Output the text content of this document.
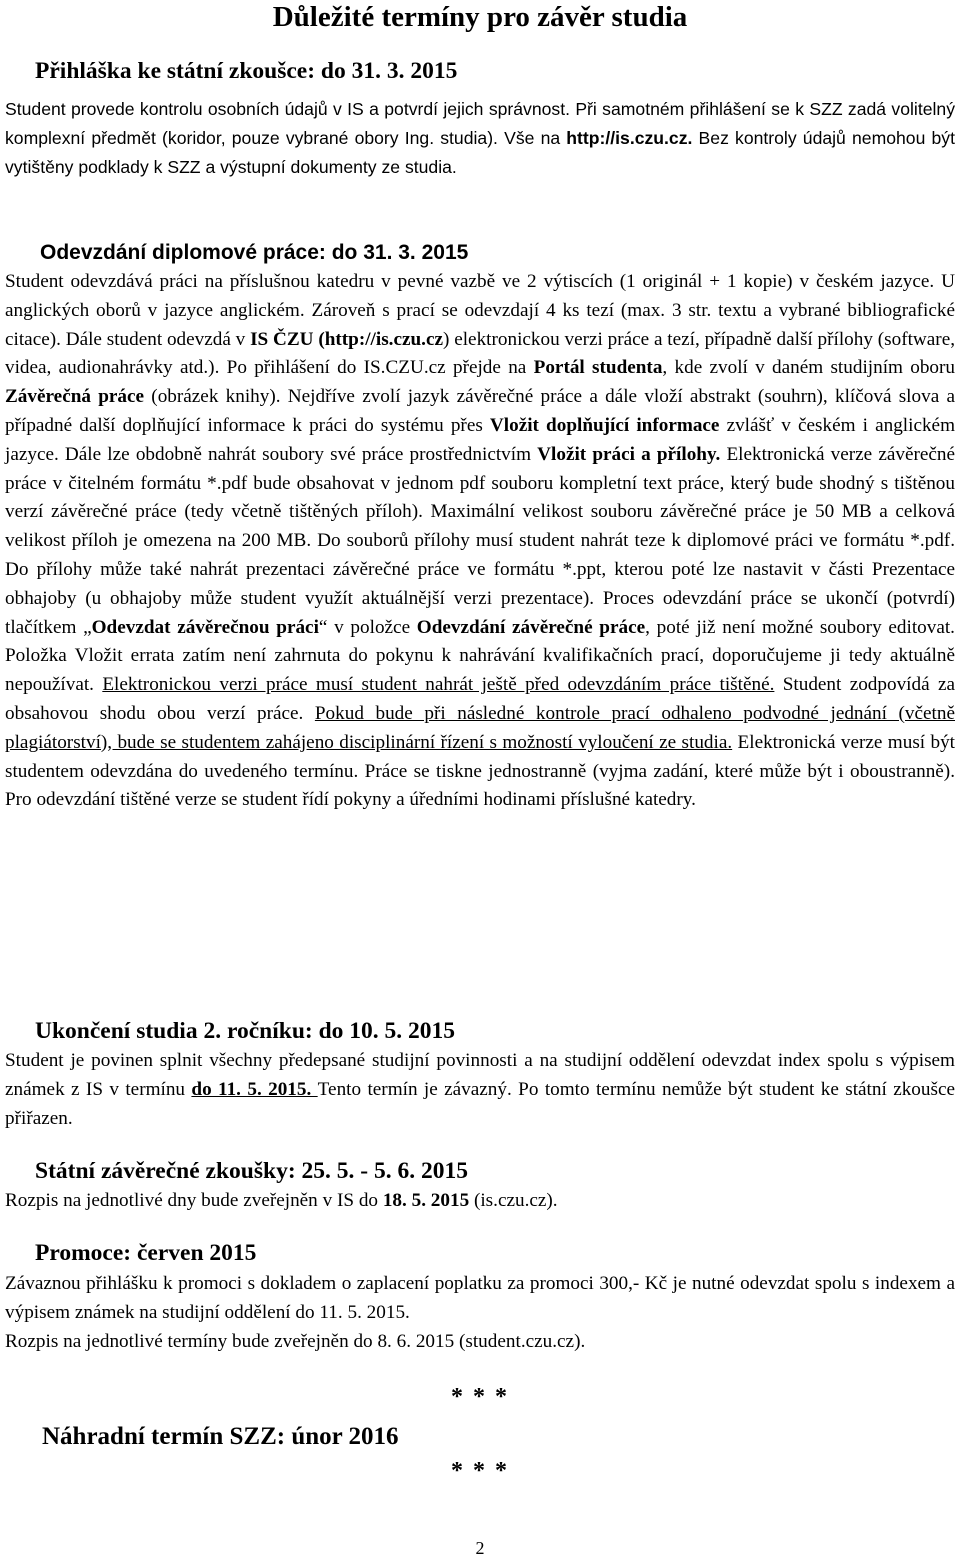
Důležité termíny pro závěr studia
Přihláška ke státní zkoušce: do 31. 3. 2015

Student provede kontrolu osobních údajů v IS a potvrdí jejich správnost. Při samotném přihlášení se k SZZ zadá volitelný komplexní předmět (koridor, pouze vybrané obory Ing. studia). Vše na http://is.czu.cz. Bez kontroly údajů nemohou být vytištěny podklady k SZZ a výstupní dokumenty ze studia.

Odevzdání diplomové práce: do 31. 3. 2015

Student odevzdává práci na příslušnou katedru v pevné vazbě ve 2 výtiscích (1 originál + 1 kopie) v českém jazyce. U anglických oborů v jazyce anglickém. Zároveň s prací se odevzdají 4 ks tezí (max. 3 str. textu a vybrané bibliografické citace). Dále student odevzdá v IS ČZU (http://is.czu.cz) elektronickou verzi práce a tezí, případně další přílohy (software, videa, audionahrávky atd.). Po přihlášení do IS.CZU.cz přejde na Portál studenta, kde zvolí v daném studijním oboru Závěrečná práce (obrázek knihy). Nejdříve zvolí jazyk závěrečné práce a dále vloží abstrakt (souhrn), klíčová slova a případné další doplňující informace k práci do systému přes Vložit doplňující informace zvlášť v českém i anglickém jazyce. Dále lze obdobně nahrát soubory své práce prostřednictvím Vložit práci a přílohy. Elektronická verze závěrečné práce v čitelném formátu *.pdf bude obsahovat v jednom pdf souboru kompletní text práce, který bude shodný s tištěnou verzí závěrečné práce (tedy včetně tištěných příloh). Maximální velikost souboru závěrečné práce je 50 MB a celková velikost příloh je omezena na 200 MB. Do souborů přílohy musí student nahrát teze k diplomové práci ve formátu *.pdf. Do přílohy může také nahrát prezentaci závěrečné práce ve formátu *.ppt, kterou poté lze nastavit v části Prezentace obhajoby (u obhajoby může student využít aktuálnější verzi prezentace). Proces odevzdání práce se ukončí (potvrdí) tlačítkem „Odevzdat závěrečnou práci“ v položce Odevzdání závěrečné práce, poté již není možné soubory editovat. Položka Vložit errata zatím není zahrnuta do pokynu k nahrávání kvalifikačních prací, doporučujeme ji tedy aktuálně nepoužívat. Elektronickou verzi práce musí student nahrát ještě před odevzdáním práce tištěné. Student zodpovídá za obsahovou shodu obou verzí práce. Pokud bude při následné kontrole prací odhaleno podvodné jednání (včetně plagiátorství), bude se studentem zahájeno disciplinární řízení s možností vyloučení ze studia. Elektronická verze musí být studentem odevzdána do uvedeného termínu. Práce se tiskne jednostranně (vyjma zadání, které může být i oboustranně). Pro odevzdání tištěné verze se student řídí pokyny a úředními hodinami příslušné katedry.

Ukončení studia 2. ročníku: do 10. 5. 2015

Student je povinen splnit všechny předepsané studijní povinnosti a na studijní oddělení odevzdat index spolu s výpisem známek z IS v termínu do 11. 5. 2015. Tento termín je závazný. Po tomto termínu nemůže být student ke státní zkoušce přiřazen.

Státní závěrečné zkoušky: 25. 5. - 5. 6. 2015

Rozpis na jednotlivé dny bude zveřejněn v IS do 18. 5. 2015 (is.czu.cz).

Promoce: červen 2015

Závaznou přihlášku k promoci s dokladem o zaplacení poplatku za promoci 300,- Kč je nutné odevzdat spolu s indexem a výpisem známek na studijní oddělení do 11. 5. 2015.

Rozpis na jednotlivé termíny bude zveřejněn do 8. 6. 2015 (student.czu.cz).

* * *
Náhradní termín SZZ: únor 2016
* * *
2
